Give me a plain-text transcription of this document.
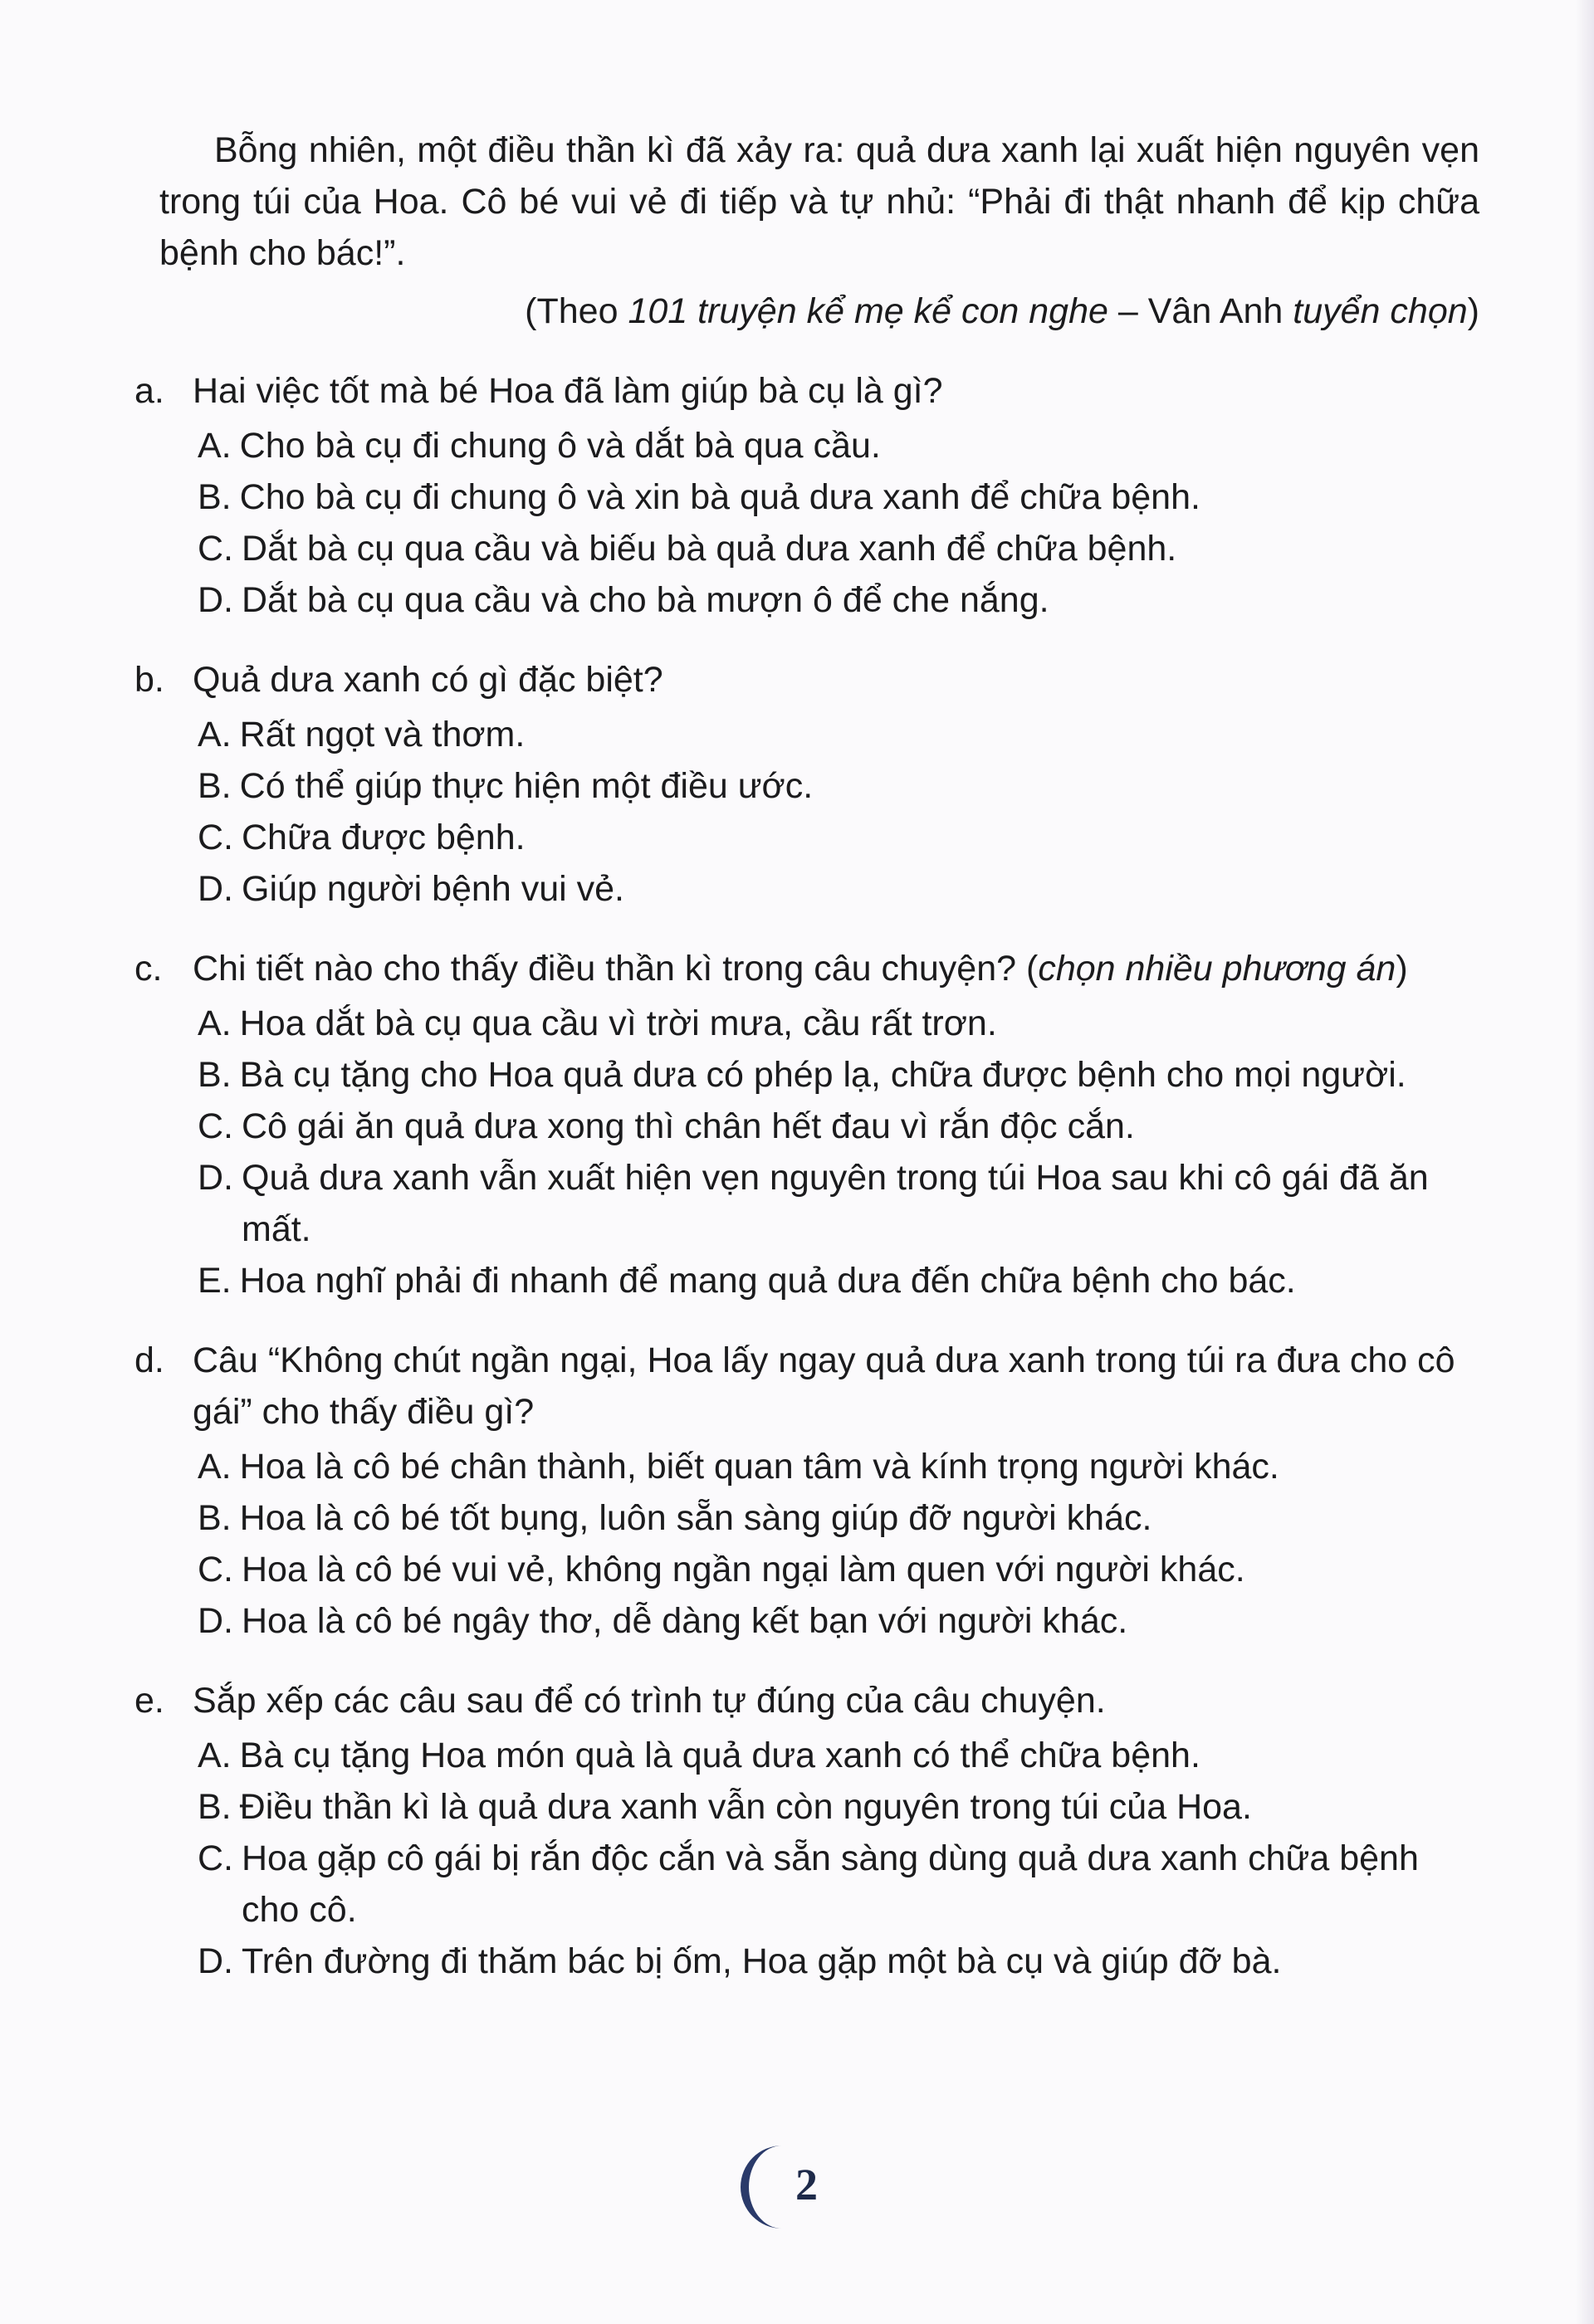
Bỗng nhiên, một điều thần kì đã xảy ra: quả dưa xanh lại xuất hiện nguyên vẹn trong túi của Hoa. Cô bé vui vẻ đi tiếp và tự nhủ: “Phải đi thật nhanh để kịp chữa bệnh cho bác!”.

(Theo 101 truyện kể mẹ kể con nghe – Vân Anh tuyển chọn)

a. Hai việc tốt mà bé Hoa đã làm giúp bà cụ là gì?
A. Cho bà cụ đi chung ô và dắt bà qua cầu.
B. Cho bà cụ đi chung ô và xin bà quả dưa xanh để chữa bệnh.
C. Dắt bà cụ qua cầu và biếu bà quả dưa xanh để chữa bệnh.
D. Dắt bà cụ qua cầu và cho bà mượn ô để che nắng.
b. Quả dưa xanh có gì đặc biệt?
A. Rất ngọt và thơm.
B. Có thể giúp thực hiện một điều ước.
C. Chữa được bệnh.
D. Giúp người bệnh vui vẻ.
c. Chi tiết nào cho thấy điều thần kì trong câu chuyện? (chọn nhiều phương án)
A. Hoa dắt bà cụ qua cầu vì trời mưa, cầu rất trơn.
B. Bà cụ tặng cho Hoa quả dưa có phép lạ, chữa được bệnh cho mọi người.
C. Cô gái ăn quả dưa xong thì chân hết đau vì rắn độc cắn.
D. Quả dưa xanh vẫn xuất hiện vẹn nguyên trong túi Hoa sau khi cô gái đã ăn mất.
E. Hoa nghĩ phải đi nhanh để mang quả dưa đến chữa bệnh cho bác.
d. Câu “Không chút ngần ngại, Hoa lấy ngay quả dưa xanh trong túi ra đưa cho cô gái” cho thấy điều gì?
A. Hoa là cô bé chân thành, biết quan tâm và kính trọng người khác.
B. Hoa là cô bé tốt bụng, luôn sẵn sàng giúp đỡ người khác.
C. Hoa là cô bé vui vẻ, không ngần ngại làm quen với người khác.
D. Hoa là cô bé ngây thơ, dễ dàng kết bạn với người khác.
e. Sắp xếp các câu sau để có trình tự đúng của câu chuyện.
A. Bà cụ tặng Hoa món quà là quả dưa xanh có thể chữa bệnh.
B. Điều thần kì là quả dưa xanh vẫn còn nguyên trong túi của Hoa.
C. Hoa gặp cô gái bị rắn độc cắn và sẵn sàng dùng quả dưa xanh chữa bệnh cho cô.
D. Trên đường đi thăm bác bị ốm, Hoa gặp một bà cụ và giúp đỡ bà.
2
